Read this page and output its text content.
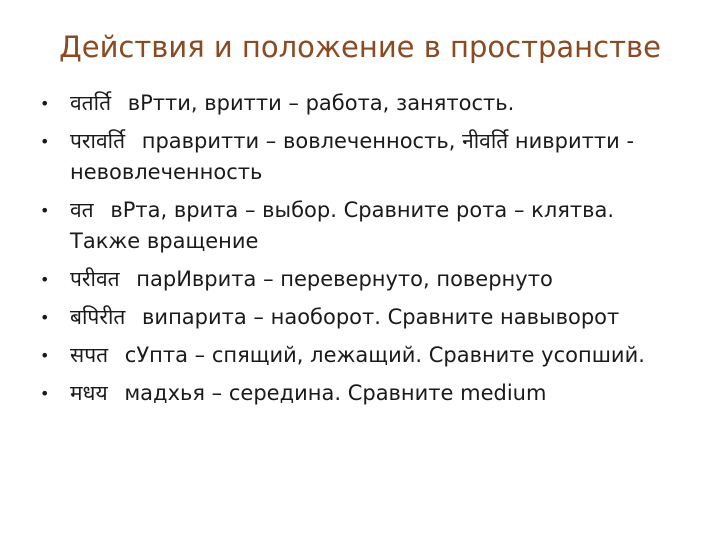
Действия и положение в пространстве
• वतर्ति вРтти, вритти – работа, занятость.
• परावर्ति правритти – вовлеченность, नीवर्ति нивритти - невовлеченность
• वत вРта, врита – выбор. Сравните рота – клятва. Также вращение
• परीवत парИврита – перевернуто, повернуто
• बपिरीत випарита – наоборот. Сравните навыворот
• सपत сУпта – спящий, лежащий. Сравните усопший.
• मधय мадхья – середина. Сравните medium
